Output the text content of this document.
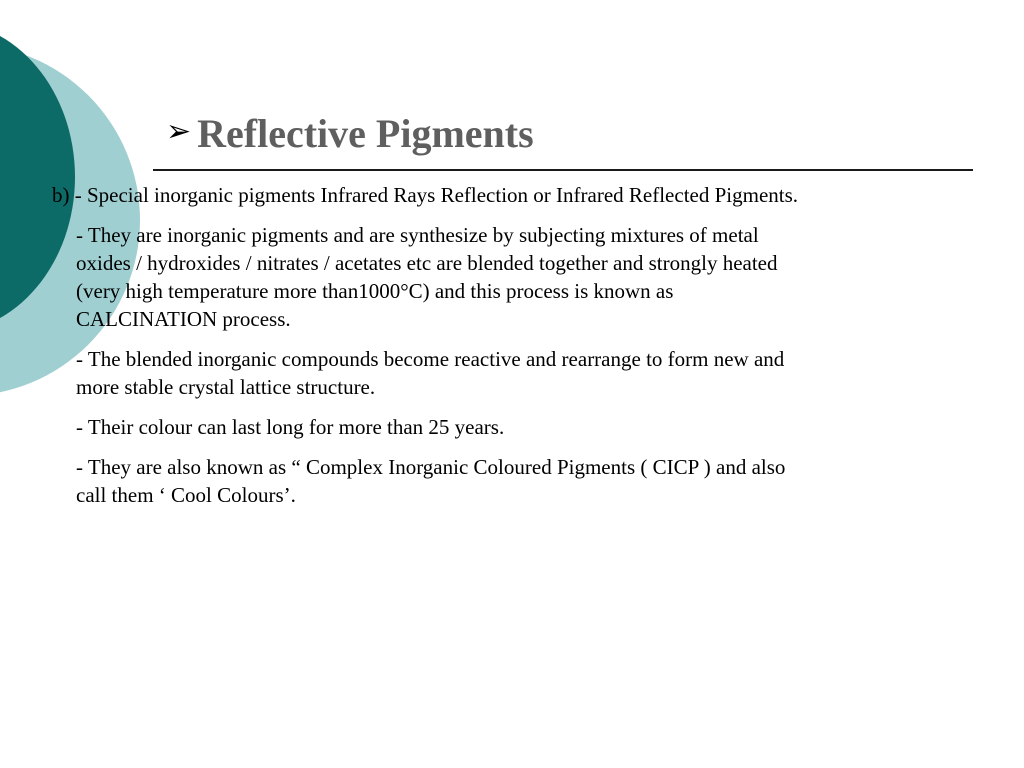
➢ Reflective Pigments

b) - Special inorganic pigments Infrared Rays Reflection or Infrared Reflected Pigments.

- They are inorganic pigments and are synthesize by subjecting mixtures of metal
oxides / hydroxides / nitrates / acetates etc are blended together and strongly heated
(very high temperature more than1000°C) and this process is known as
CALCINATION process.
- The blended inorganic compounds become reactive and rearrange to form new and
more stable crystal lattice structure.
- Their colour can last long for more than 25 years.
- They are also known as “ Complex Inorganic Coloured Pigments ( CICP ) and also
call them ‘ Cool Colours’.
